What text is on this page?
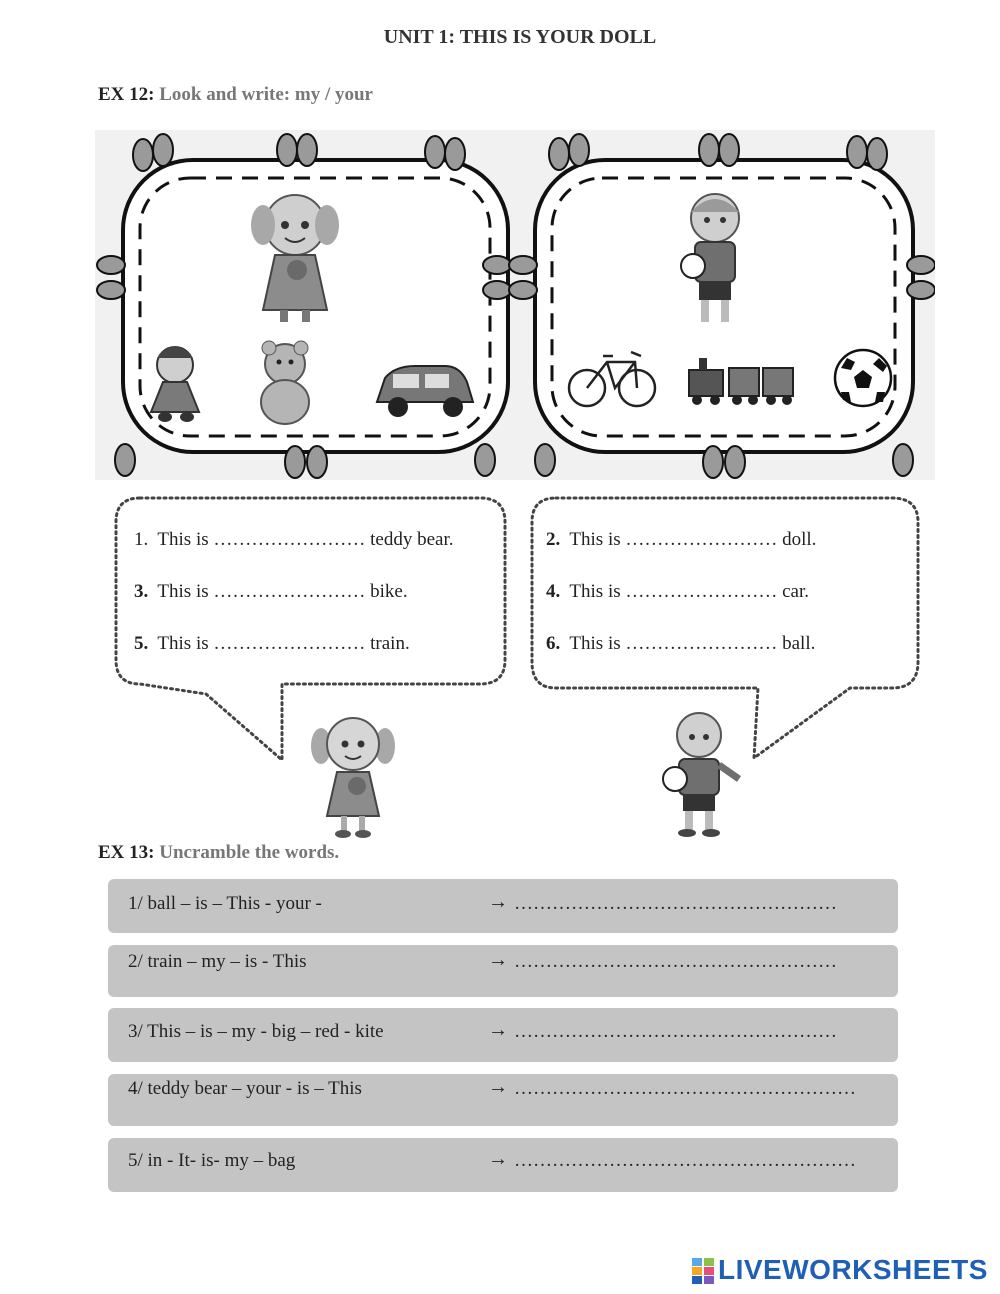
UNIT 1: THIS IS YOUR DOLL
EX 12: Look and write: my / your
1. This is …………………… teddy bear.
3. This is …………………… bike.
5. This is …………………… train.
2. This is …………………… doll.
4. This is …………………… car.
6. This is …………………… ball.
EX 13: Uncramble the words.
1/ ball – is – This - your -	→ ……………………………………………
2/ train – my – is - This	→ ……………………………………………
3/ This – is – my - big – red - kite	→ ……………………………………………
4/ teddy bear – your - is – This	→ ………………………………………………
5/ in - It- is- my – bag	→ ………………………………………………
LIVEWORKSHEETS
